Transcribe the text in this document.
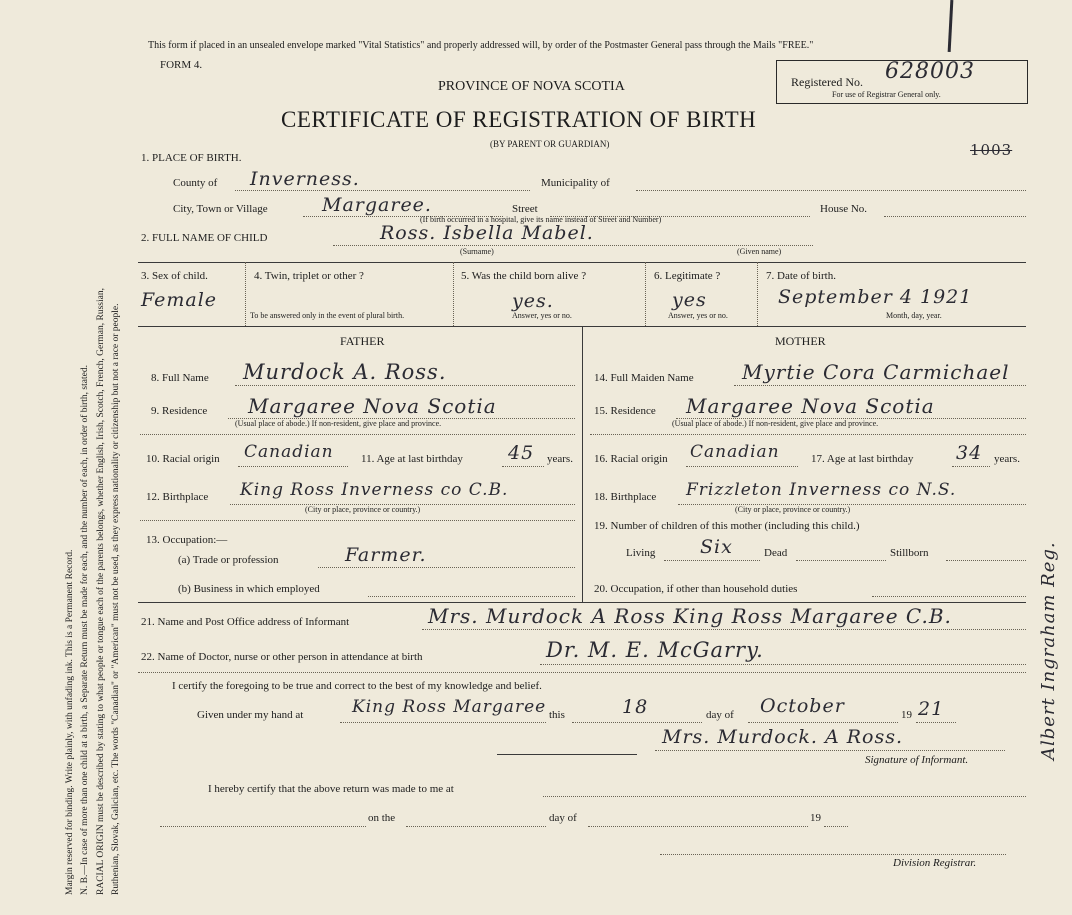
Margin reserved for binding. Write plainly, with unfading ink. This is a Permanent Record. N. B.—In case of more than one child at a birth, a Separate Return must be made for each, and the number of each, in order of birth, stated. RACIAL ORIGIN must be described by stating to what people or tongue each of the parents belongs, whether English, Irish, Scotch, French, German, Russian, Ruthenian, Slovak, Galician, etc. The words "Canadian" or "American" must not be used, as they express nationality or citizenship but not a race or people.
This form if placed in an unsealed envelope marked "Vital Statistics" and properly addressed will, by order of the Postmaster General pass through the Mails "FREE."
FORM 4.
PROVINCE OF NOVA SCOTIA
CERTIFICATE OF REGISTRATION OF BIRTH
(BY PARENT OR GUARDIAN)
Registered No. 628003
For use of Registrar General only.
1003
1. PLACE OF BIRTH.
County of Inverness.	Municipality of
City, Town or Village	Margaree.	Street	House No.
(If birth occurred in a hospital, give its name instead of Street and Number)
2. FULL NAME OF CHILD	Ross. Isbella Mabel.
(Surname)	(Given name)
3. Sex of child.
Female
4. Twin, triplet or other ?
To be answered only in the event of plural birth.
5. Was the child born alive ?
yes.
Answer, yes or no.
6. Legitimate ?
yes
Answer, yes or no.
7. Date of birth.
September 4 1921
Month, day, year.
FATHER	MOTHER
8. Full Name Murdock A. Ross.
9. Residence Margaree Nova Scotia
(Usual place of abode.) If non-resident, give place and province.
10. Racial origin Canadian 11. Age at last birthday 45 years.
12. Birthplace King Ross Inverness co C.B.
(City or place, province or country.)
13. Occupation:—
(a) Trade or profession	Farmer.
(b) Business in which employed
14. Full Maiden Name Myrtie Cora Carmichael
15. Residence Margaree Nova Scotia
(Usual place of abode.) If non-resident, give place and province.
16. Racial origin Canadian	17. Age at last birthday 34 years.
18. Birthplace Frizzleton Inverness co N.S.
(City or place, province or country.)
19. Number of children of this mother (including this child.)
Living Six	Dead	Stillborn
20. Occupation, if other than household duties
21. Name and Post Office address of Informant	Mrs. Murdock A Ross King Ross Margaree C.B.
22. Name of Doctor, nurse or other person in attendance at birth	Dr. M. E. McGarry.
I certify the foregoing to be true and correct to the best of my knowledge and belief.
Given under my hand at	King Ross Margaree this	18	day of October	19 21
Mrs. Murdock. A Ross.
Signature of Informant.
I hereby certify that the above return was made to me at
on the	day of	19
Division Registrar.
Albert Ingraham Reg.
